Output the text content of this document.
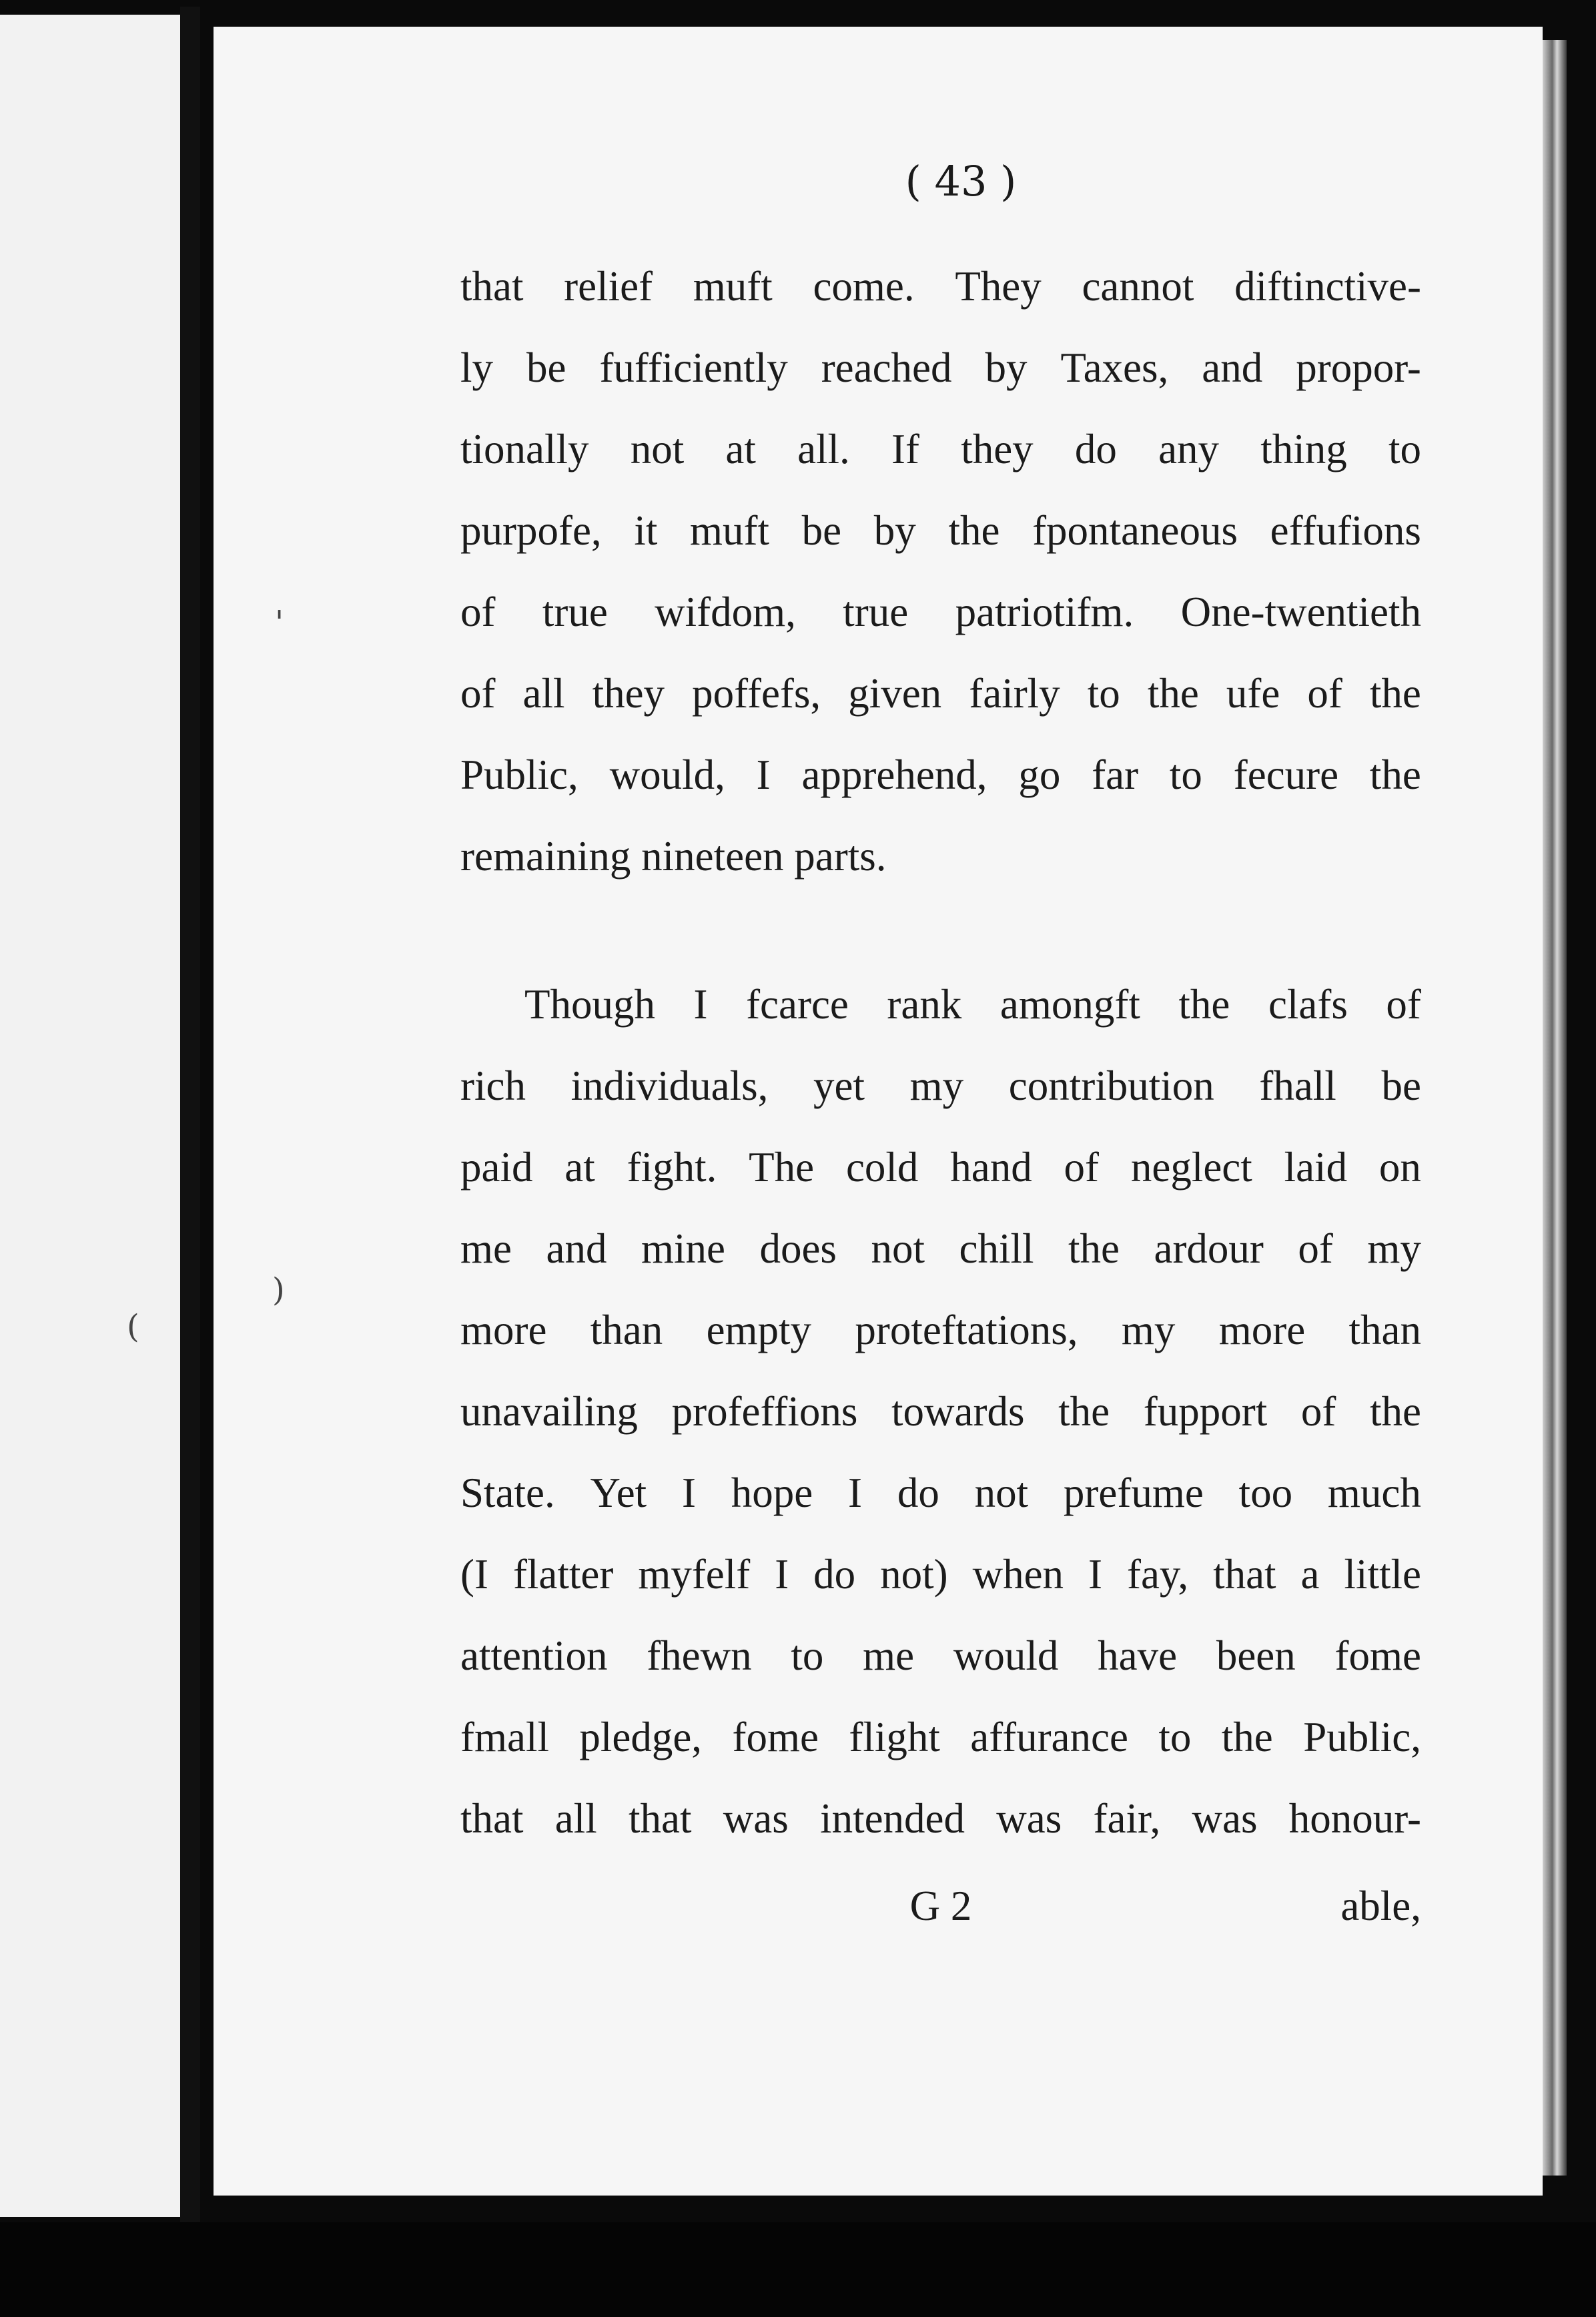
'
)
(
( 43 )
that relief muft come. They cannot diftinctive-
ly be fufficiently reached by Taxes, and propor-
tionally not at all. If they do any thing to
purpofe, it muft be by the fpontaneous effufions
of true wifdom, true patriotifm. One-twentieth
of all they poffefs, given fairly to the ufe of the
Public, would, I apprehend, go far to fecure the
remaining nineteen parts.
Though I fcarce rank amongft the clafs of
rich individuals, yet my contribution fhall be
paid at fight. The cold hand of neglect laid on
me and mine does not chill the ardour of my
more than empty proteftations, my more than
unavailing profeffions towards the fupport of the
State. Yet I hope I do not prefume too much
(I flatter myfelf I do not) when I fay, that a little
attention fhewn to me would have been fome
fmall pledge, fome flight affurance to the Public,
that all that was intended was fair, was honour-
G 2	able,
